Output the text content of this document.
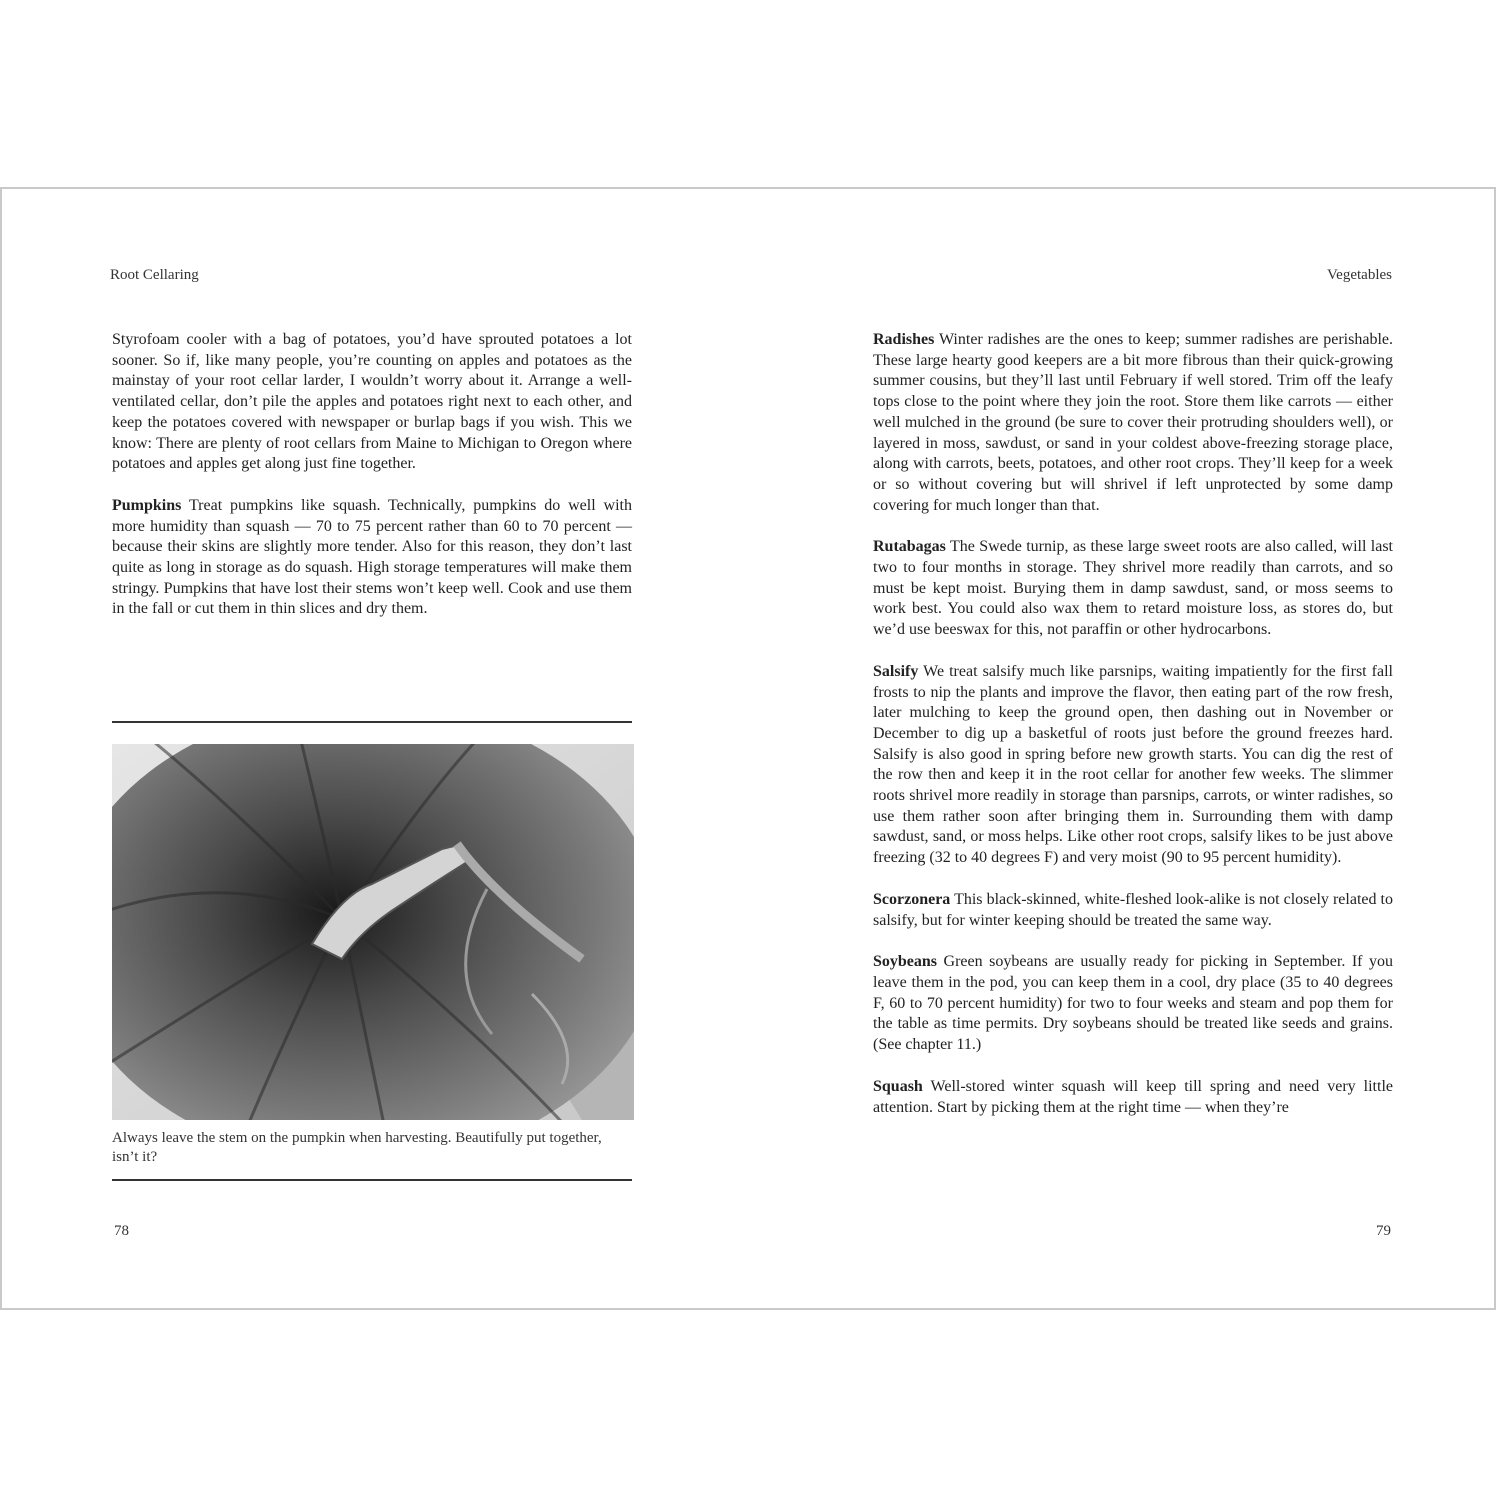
Root Cellaring

Styrofoam cooler with a bag of potatoes, you’d have sprouted potatoes a lot sooner. So if, like many people, you’re counting on apples and potatoes as the mainstay of your root cellar larder, I wouldn’t worry about it. Arrange a well-ventilated cellar, don’t pile the apples and potatoes right next to each other, and keep the potatoes covered with newspaper or burlap bags if you wish. This we know: There are plenty of root cellars from Maine to Michigan to Oregon where potatoes and apples get along just fine together.

Pumpkins Treat pumpkins like squash. Technically, pumpkins do well with more humidity than squash — 70 to 75 percent rather than 60 to 70 percent — because their skins are slightly more tender. Also for this reason, they don’t last quite as long in storage as do squash. High storage temperatures will make them stringy. Pumpkins that have lost their stems won’t keep well. Cook and use them in the fall or cut them in thin slices and dry them.

Always leave the stem on the pumpkin when harvesting. Beautifully put together, isn’t it?
78
Vegetables

Radishes Winter radishes are the ones to keep; summer radishes are perishable. These large hearty good keepers are a bit more fibrous than their quick-growing summer cousins, but they’ll last until February if well stored. Trim off the leafy tops close to the point where they join the root. Store them like carrots — either well mulched in the ground (be sure to cover their protruding shoulders well), or layered in moss, sawdust, or sand in your coldest above-freezing storage place, along with carrots, beets, potatoes, and other root crops. They’ll keep for a week or so without covering but will shrivel if left unprotected by some damp covering for much longer than that.

Rutabagas The Swede turnip, as these large sweet roots are also called, will last two to four months in storage. They shrivel more readily than carrots, and so must be kept moist. Burying them in damp sawdust, sand, or moss seems to work best. You could also wax them to retard moisture loss, as stores do, but we’d use beeswax for this, not paraffin or other hydrocarbons.

Salsify We treat salsify much like parsnips, waiting impatiently for the first fall frosts to nip the plants and improve the flavor, then eating part of the row fresh, later mulching to keep the ground open, then dashing out in November or December to dig up a basketful of roots just before the ground freezes hard. Salsify is also good in spring before new growth starts. You can dig the rest of the row then and keep it in the root cellar for another few weeks. The slimmer roots shrivel more readily in storage than parsnips, carrots, or winter radishes, so use them rather soon after bringing them in. Surrounding them with damp sawdust, sand, or moss helps. Like other root crops, salsify likes to be just above freezing (32 to 40 degrees F) and very moist (90 to 95 percent humidity).

Scorzonera This black-skinned, white-fleshed look-alike is not closely related to salsify, but for winter keeping should be treated the same way.

Soybeans Green soybeans are usually ready for picking in September. If you leave them in the pod, you can keep them in a cool, dry place (35 to 40 degrees F, 60 to 70 percent humidity) for two to four weeks and steam and pop them for the table as time permits. Dry soybeans should be treated like seeds and grains. (See chapter 11.)

Squash Well-stored winter squash will keep till spring and need very little attention. Start by picking them at the right time — when they’re

79
